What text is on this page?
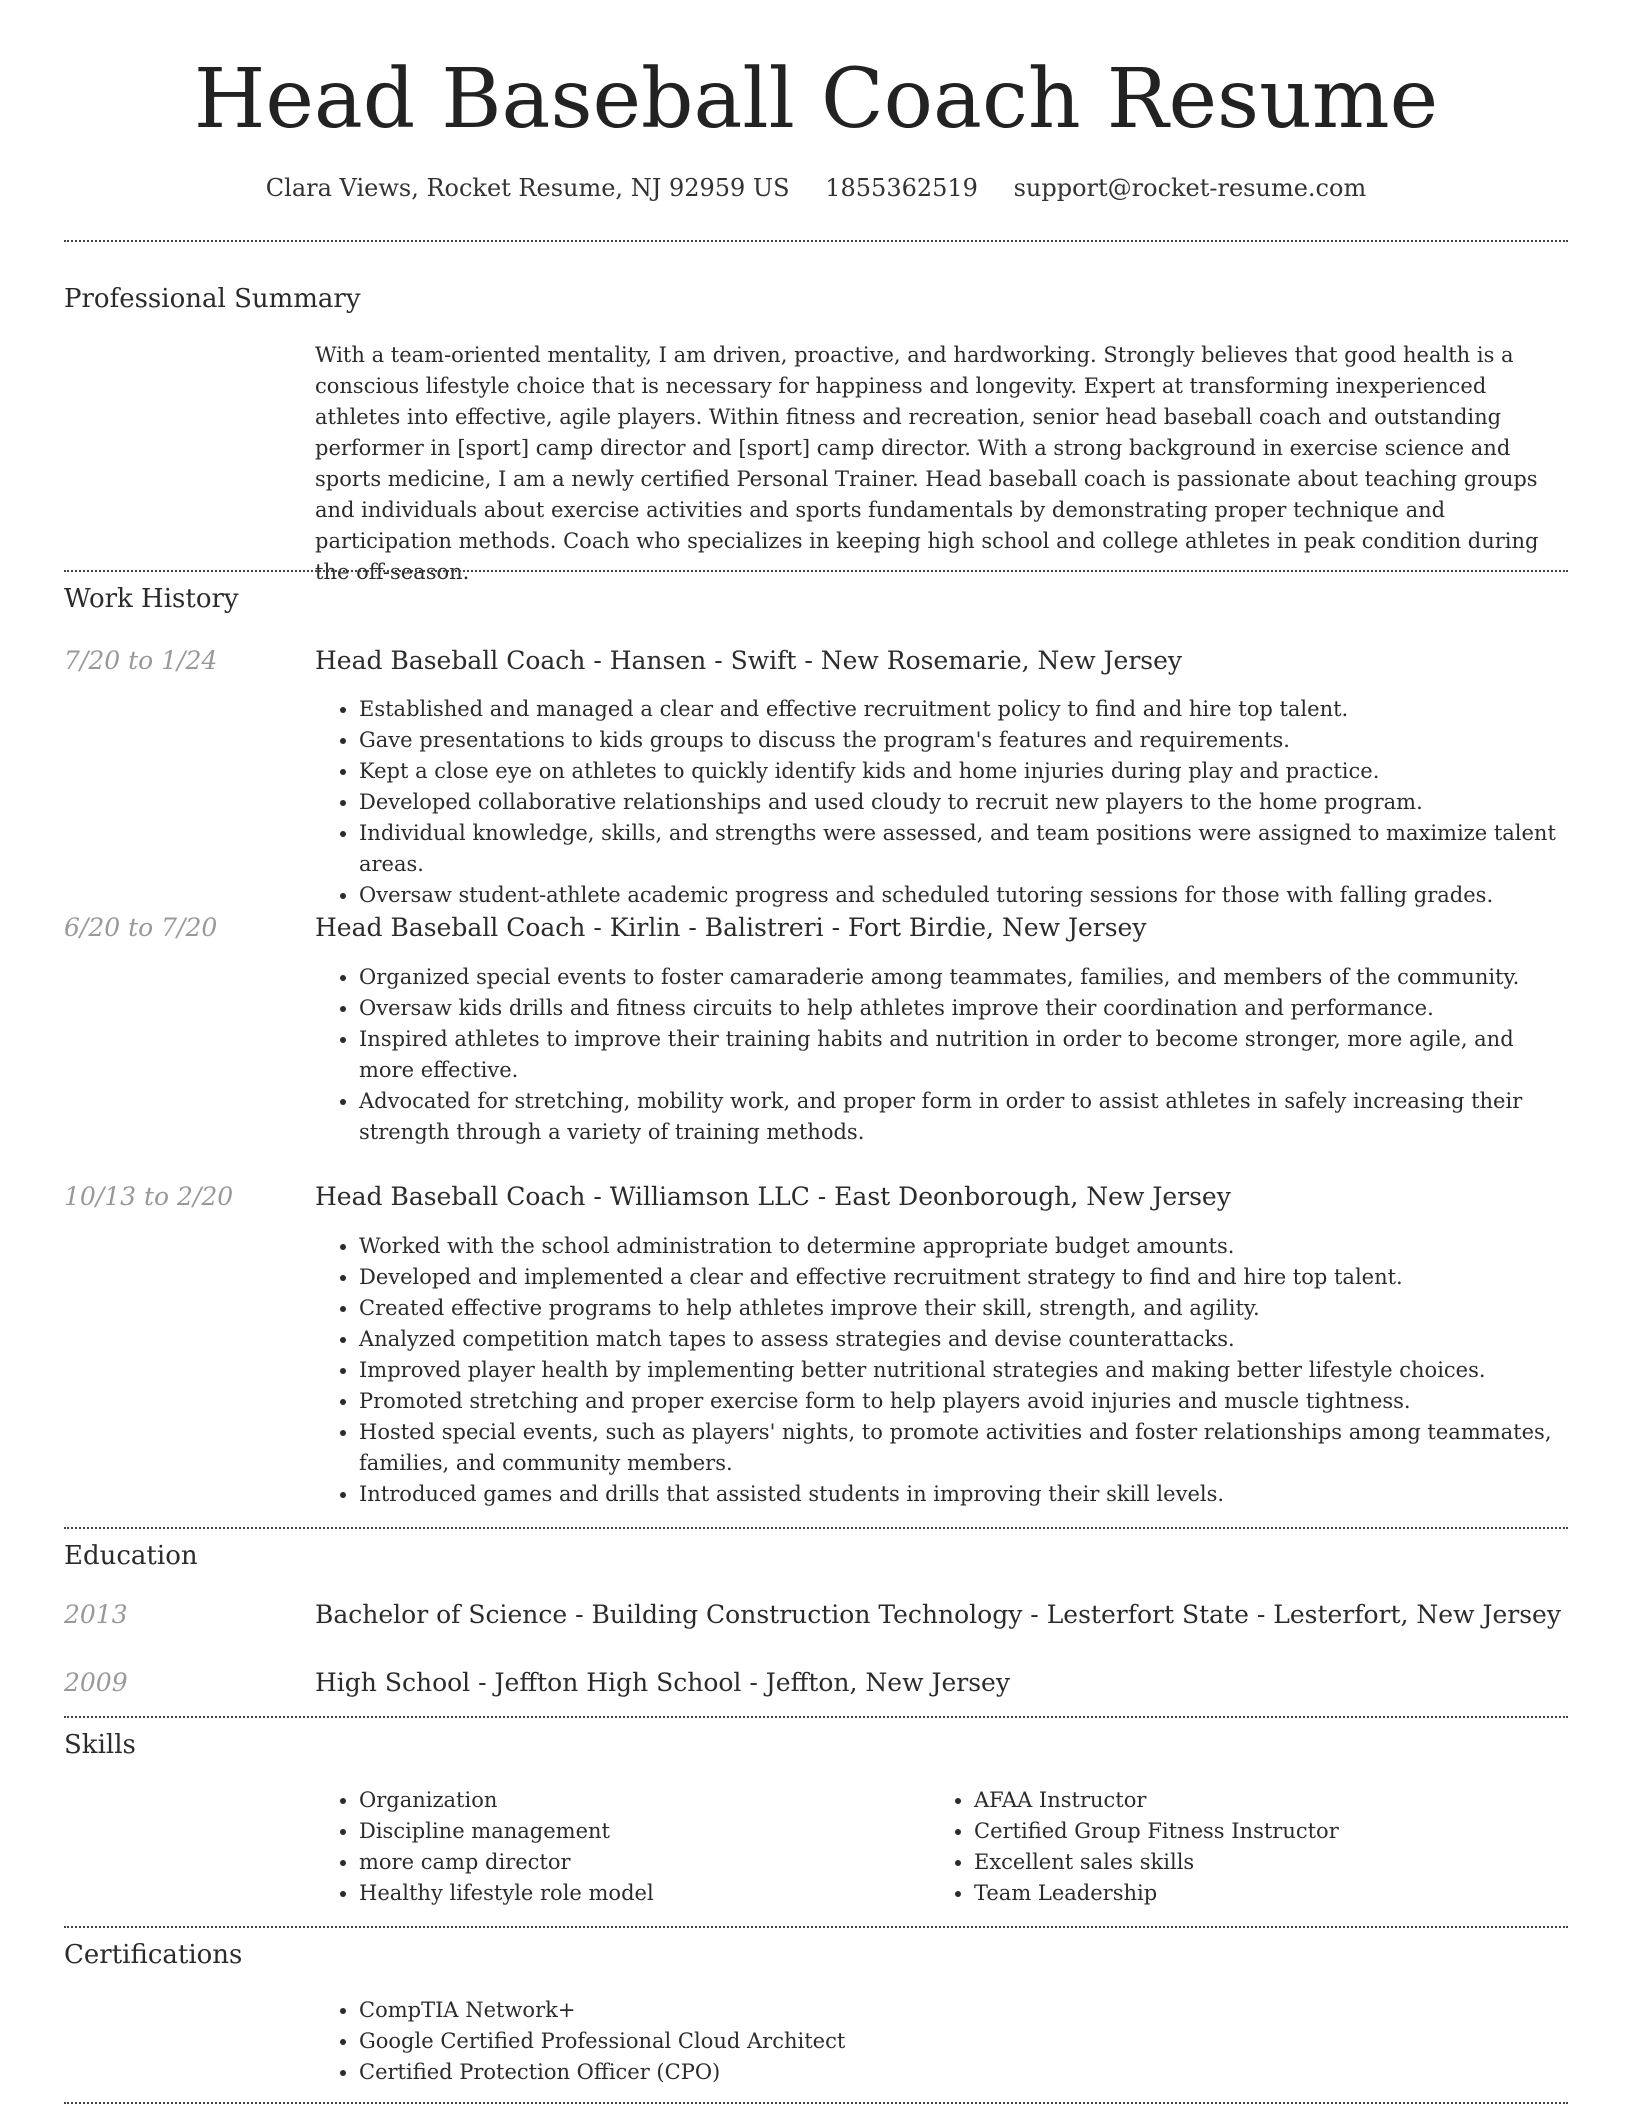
Head Baseball Coach Resume
Clara Views, Rocket Resume, NJ 92959 US 1855362519 support@rocket-resume.com
Professional Summary

With a team-oriented mentality, I am driven, proactive, and hardworking. Strongly believes that good health is a conscious lifestyle choice that is necessary for happiness and longevity. Expert at transforming inexperienced athletes into effective, agile players. Within fitness and recreation, senior head baseball coach and outstanding performer in [sport] camp director and [sport] camp director. With a strong background in exercise science and sports medicine, I am a newly certified Personal Trainer. Head baseball coach is passionate about teaching groups and individuals about exercise activities and sports fundamentals by demonstrating proper technique and participation methods. Coach who specializes in keeping high school and college athletes in peak condition during the off-season.

Work History
7/20 to 1/24	Head Baseball Coach - Hansen - Swift - New Rosemarie, New Jersey
• Established and managed a clear and effective recruitment policy to find and hire top talent.
• Gave presentations to kids groups to discuss the program's features and requirements.
• Kept a close eye on athletes to quickly identify kids and home injuries during play and practice.
• Developed collaborative relationships and used cloudy to recruit new players to the home program.
• Individual knowledge, skills, and strengths were assessed, and team positions were assigned to maximize talent areas.
• Oversaw student-athlete academic progress and scheduled tutoring sessions for those with falling grades.
6/20 to 7/20	Head Baseball Coach - Kirlin - Balistreri - Fort Birdie, New Jersey
• Organized special events to foster camaraderie among teammates, families, and members of the community.
• Oversaw kids drills and fitness circuits to help athletes improve their coordination and performance.
• Inspired athletes to improve their training habits and nutrition in order to become stronger, more agile, and more effective.
• Advocated for stretching, mobility work, and proper form in order to assist athletes in safely increasing their strength through a variety of training methods.
10/13 to 2/20	Head Baseball Coach - Williamson LLC - East Deonborough, New Jersey
• Worked with the school administration to determine appropriate budget amounts.
• Developed and implemented a clear and effective recruitment strategy to find and hire top talent.
• Created effective programs to help athletes improve their skill, strength, and agility.
• Analyzed competition match tapes to assess strategies and devise counterattacks.
• Improved player health by implementing better nutritional strategies and making better lifestyle choices.
• Promoted stretching and proper exercise form to help players avoid injuries and muscle tightness.
• Hosted special events, such as players' nights, to promote activities and foster relationships among teammates, families, and community members.
• Introduced games and drills that assisted students in improving their skill levels.
Education
2013	Bachelor of Science - Building Construction Technology - Lesterfort State - Lesterfort, New Jersey
2009	High School - Jeffton High School - Jeffton, New Jersey
Skills
• Organization
• Discipline management
• more camp director
• Healthy lifestyle role model
• AFAA Instructor
• Certified Group Fitness Instructor
• Excellent sales skills
• Team Leadership
Certifications
• CompTIA Network+
• Google Certified Professional Cloud Architect
• Certified Protection Officer (CPO)
